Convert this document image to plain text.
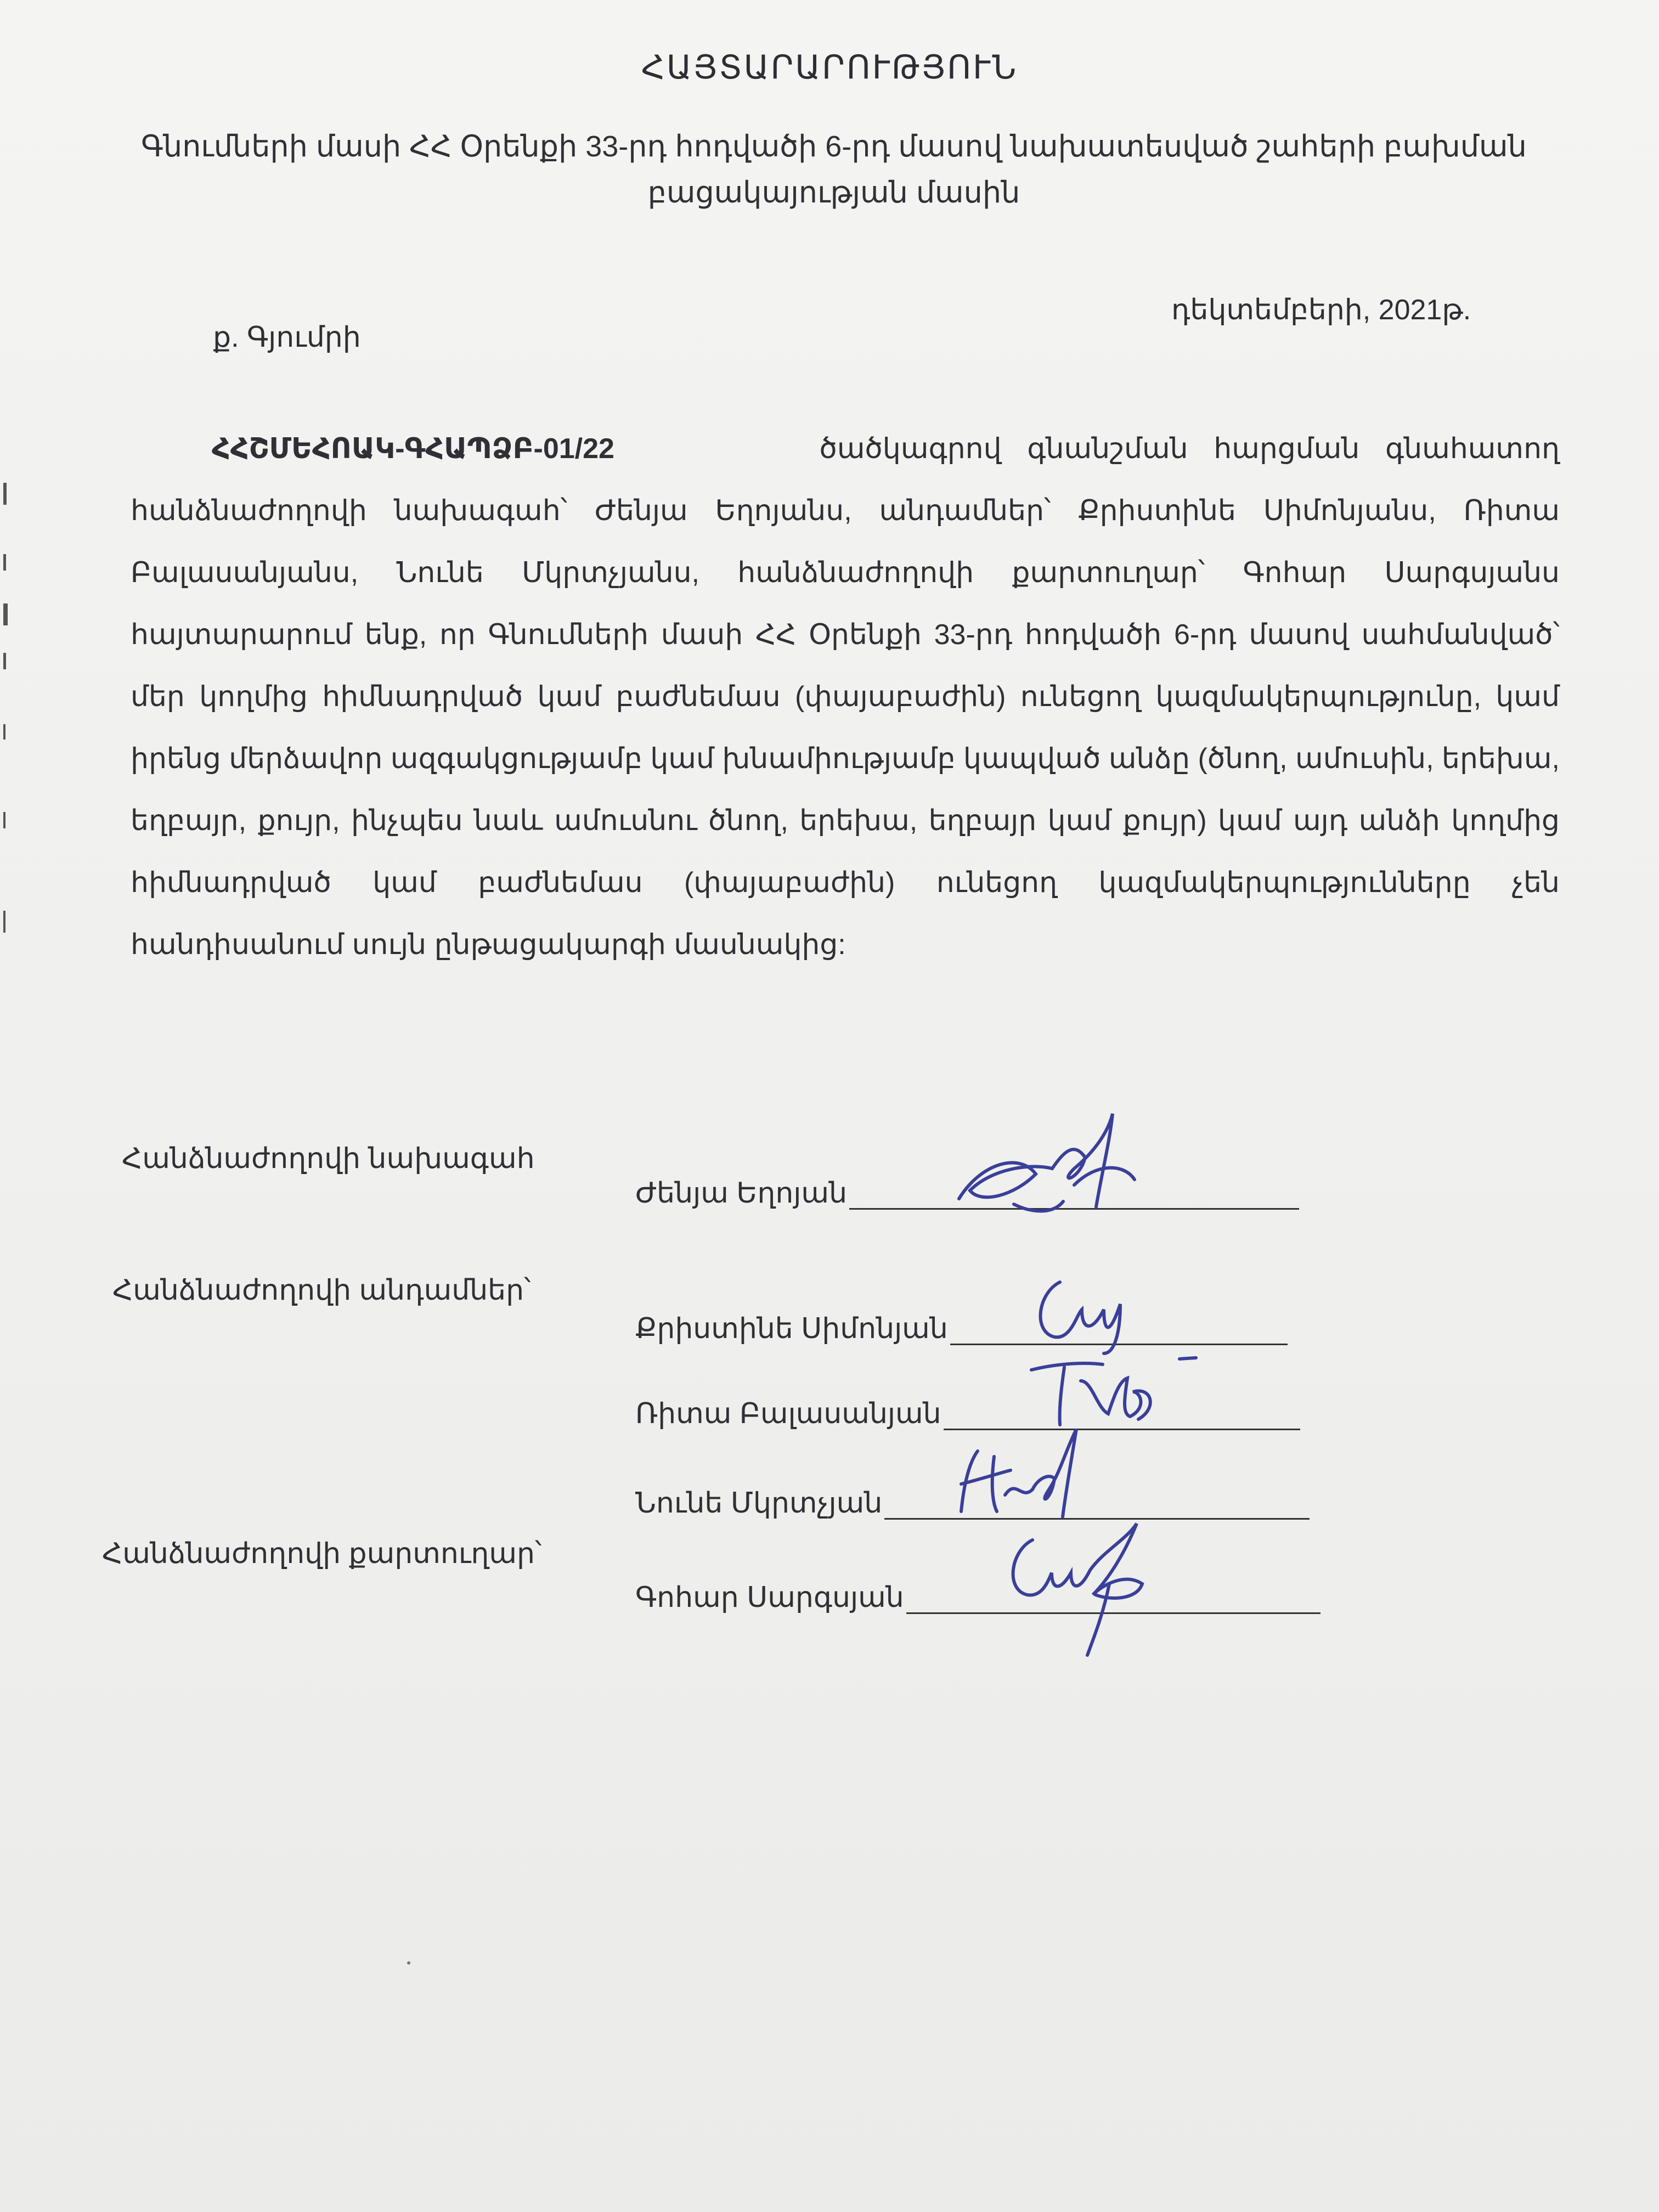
ՀԱՅՏԱՐԱՐՈՒԹՅՈՒՆ
Գնումների մասի ՀՀ Օրենքի 33-րդ հոդվածի 6-րդ մասով նախատեսված շահերի բախման բացակայության մասին
դեկտեմբերի, 2021թ.
ք. Գյումրի
ՀՀՇՄԵՀՈԱԿ-ԳՀԱՊՁԲ-01/22	ծածկագրով գնանշման հարցման գնահատող հանձնաժողովի նախագահ՝ Ժենյա Եղոյանս, անդամներ՝ Քրիստինե Սիմոնյանս, Ռիտա Բալասանյանս, Նունե Մկրտչյանս, հանձնաժողովի քարտուղար՝ Գոհար Սարգսյանս հայտարարում ենք, որ Գնումների մասի ՀՀ Օրենքի 33-րդ հոդվածի 6-րդ մասով սահմանված՝ մեր կողմից հիմնադրված կամ բաժնեմաս (փայաբաժին) ունեցող կազմակերպությունը, կամ իրենց մերձավոր ազգակցությամբ կամ խնամիությամբ կապված անձը (ծնող, ամուսին, երեխա, եղբայր, քույր, ինչպես նաև ամուսնու ծնող, երեխա, եղբայր կամ քույր) կամ այդ անձի կողմից հիմնադրված կամ բաժնեմաս (փայաբաժին) ունեցող կազմակերպությունները չեն հանդիսանում սույն ընթացակարգի մասնակից:
Հանձնաժողովի նախագահ
Ժենյա Եղոյան
Հանձնաժողովի անդամներ՝
Քրիստինե Սիմոնյան
Ռիտա Բալասանյան
Նունե Մկրտչյան
Հանձնաժողովի քարտուղար՝
Գոհար Սարգսյան
